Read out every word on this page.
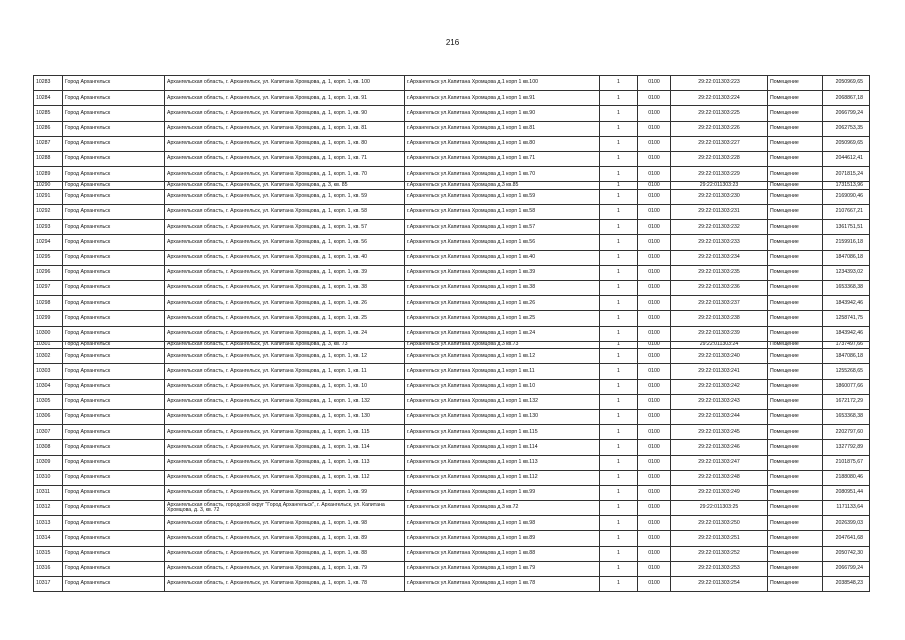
216
10283	Город Архангельск	Архангельская область, г. Архангельск, ул. Капитана Хромцова, д. 1, корп. 1, кв. 100	г.Архангельск ул.Капитана Хромцова д.1 корп 1 кв.100	1	0100	29:22:011303:223	Помещение	2050969,65
10284	Город Архангельск	Архангельская область, г. Архангельск, ул. Капитана Хромцова, д. 1, корп. 1, кв. 91	г.Архангельск ул.Капитана Хромцова д.1 корп 1 кв.91	1	0100	29:22:011303:224	Помещение	2068867,18
10285	Город Архангельск	Архангельская область, г. Архангельск, ул. Капитана Хромцова, д. 1, корп. 1, кв. 90	г.Архангельск ул.Капитана Хромцова д.1 корп 1 кв.90	1	0100	29:22:011303:225	Помещение	2066799,24
10286	Город Архангельск	Архангельская область, г. Архангельск, ул. Капитана Хромцова, д. 1, корп. 1, кв. 81	г.Архангельск ул.Капитана Хромцова д.1 корп 1 кв.81	1	0100	29:22:011303:226	Помещение	2062753,35
10287	Город Архангельск	Архангельская область, г. Архангельск, ул. Капитана Хромцова, д. 1, корп. 1, кв. 80	г.Архангельск ул.Капитана Хромцова д.1 корп 1 кв.80	1	0100	29:22:011303:227	Помещение	2050969,65
10288	Город Архангельск	Архангельская область, г. Архангельск, ул. Капитана Хромцова, д. 1, корп. 1, кв. 71	г.Архангельск ул.Капитана Хромцова д.1 корп 1 кв.71	1	0100	29:22:011303:228	Помещение	2044612,41
10289	Город Архангельск	Архангельская область, г. Архангельск, ул. Капитана Хромцова, д. 1, корп. 1, кв. 70	г.Архангельск ул.Капитана Хромцова д.1 корп 1 кв.70	1	0100	29:22:011303:229	Помещение	2071815,24
10290	Город Архангельск	Архангельская область, г. Архангельск, ул. Капитана Хромцова, д. 3, кв. 85	г.Архангельск ул.Капитана Хромцова д.3 кв.85	1	0100	29:22:011303:23	Помещение	1731513,96
10291	Город Архангельск	Архангельская область, г. Архангельск, ул. Капитана Хромцова, д. 1, корп. 1, кв. 59	г.Архангельск ул.Капитана Хромцова д.1 корп 1 кв.59	1	0100	29:22:011303:230	Помещение	2169090,46
10292	Город Архангельск	Архангельская область, г. Архангельск, ул. Капитана Хромцова, д. 1, корп. 1, кв. 58	г.Архангельск ул.Капитана Хромцова д.1 корп 1 кв.58	1	0100	29:22:011303:231	Помещение	2107667,21
10293	Город Архангельск	Архангельская область, г. Архангельск, ул. Капитана Хромцова, д. 1, корп. 1, кв. 57	г.Архангельск ул.Капитана Хромцова д.1 корп 1 кв.57	1	0100	29:22:011303:232	Помещение	1361751,51
10294	Город Архангельск	Архангельская область, г. Архангельск, ул. Капитана Хромцова, д. 1, корп. 1, кв. 56	г.Архангельск ул.Капитана Хромцова д.1 корп 1 кв.56	1	0100	29:22:011303:233	Помещение	2159916,18
10295	Город Архангельск	Архангельская область, г. Архангельск, ул. Капитана Хромцова, д. 1, корп. 1, кв. 40	г.Архангельск ул.Капитана Хромцова д.1 корп 1 кв.40	1	0100	29:22:011303:234	Помещение	1847086,18
10296	Город Архангельск	Архангельская область, г. Архангельск, ул. Капитана Хромцова, д. 1, корп. 1, кв. 39	г.Архангельск ул.Капитана Хромцова д.1 корп 1 кв.39	1	0100	29:22:011303:235	Помещение	1234393,02
10297	Город Архангельск	Архангельская область, г. Архангельск, ул. Капитана Хромцова, д. 1, корп. 1, кв. 38	г.Архангельск ул.Капитана Хромцова д.1 корп 1 кв.38	1	0100	29:22:011303:236	Помещение	1653368,38
10298	Город Архангельск	Архангельская область, г. Архангельск, ул. Капитана Хромцова, д. 1, корп. 1, кв. 26	г.Архангельск ул.Капитана Хромцова д.1 корп 1 кв.26	1	0100	29:22:011303:237	Помещение	1843942,46
10299	Город Архангельск	Архангельская область, г. Архангельск, ул. Капитана Хромцова, д. 1, корп. 1, кв. 25	г.Архангельск ул.Капитана Хромцова д.1 корп 1 кв.25	1	0100	29:22:011303:238	Помещение	1258741,75
10300	Город Архангельск	Архангельская область, г. Архангельск, ул. Капитана Хромцова, д. 1, корп. 1, кв. 24	г.Архангельск ул.Капитана Хромцова д.1 корп 1 кв.24	1	0100	29:22:011303:239	Помещение	1843942,46
10301	Город Архангельск	Архангельская область, г. Архангельск, ул. Капитана Хромцова, д. 3, кв. 73	г.Архангельск ул.Капитана Хромцова д.3 кв.73	1	0100	29:22:011303:24	Помещение	1737497,66
10302	Город Архангельск	Архангельская область, г. Архангельск, ул. Капитана Хромцова, д. 1, корп. 1, кв. 12	г.Архангельск ул.Капитана Хромцова д.1 корп 1 кв.12	1	0100	29:22:011303:240	Помещение	1847086,18
10303	Город Архангельск	Архангельская область, г. Архангельск, ул. Капитана Хромцова, д. 1, корп. 1, кв. 11	г.Архангельск ул.Капитана Хромцова д.1 корп 1 кв.11	1	0100	29:22:011303:241	Помещение	1255268,65
10304	Город Архангельск	Архангельская область, г. Архангельск, ул. Капитана Хромцова, д. 1, корп. 1, кв. 10	г.Архангельск ул.Капитана Хромцова д.1 корп 1 кв.10	1	0100	29:22:011303:242	Помещение	1860077,66
10305	Город Архангельск	Архангельская область, г. Архангельск, ул. Капитана Хромцова, д. 1, корп. 1, кв. 132	г.Архангельск ул.Капитана Хромцова д.1 корп 1 кв.132	1	0100	29:22:011303:243	Помещение	1672172,29
10306	Город Архангельск	Архангельская область, г. Архангельск, ул. Капитана Хромцова, д. 1, корп. 1, кв. 130	г.Архангельск ул.Капитана Хромцова д.1 корп 1 кв.130	1	0100	29:22:011303:244	Помещение	1653368,38
10307	Город Архангельск	Архангельская область, г. Архангельск, ул. Капитана Хромцова, д. 1, корп. 1, кв. 115	г.Архангельск ул.Капитана Хромцова д.1 корп 1 кв.115	1	0100	29:22:011303:245	Помещение	2202797,60
10308	Город Архангельск	Архангельская область, г. Архангельск, ул. Капитана Хромцова, д. 1, корп. 1, кв. 114	г.Архангельск ул.Капитана Хромцова д.1 корп 1 кв.114	1	0100	29:22:011303:246	Помещение	1327792,89
10309	Город Архангельск	Архангельская область, г. Архангельск, ул. Капитана Хромцова, д. 1, корп. 1, кв. 113	г.Архангельск ул.Капитана Хромцова д.1 корп 1 кв.113	1	0100	29:22:011303:247	Помещение	2101875,67
10310	Город Архангельск	Архангельская область, г. Архангельск, ул. Капитана Хромцова, д. 1, корп. 1, кв. 112	г.Архангельск ул.Капитана Хромцова д.1 корп 1 кв.112	1	0100	29:22:011303:248	Помещение	2188080,46
10311	Город Архангельск	Архангельская область, г. Архангельск, ул. Капитана Хромцова, д. 1, корп. 1, кв. 99	г.Архангельск ул.Капитана Хромцова д.1 корп 1 кв.99	1	0100	29:22:011303:249	Помещение	2080951,44
10312	Город Архангельск	Архангельская область, городской округ "Город Архангельск", г. Архангельск, ул. Капитана Хромцова, д. 3, кв. 72	г.Архангельск ул.Капитана Хромцова д.3 кв.72	1	0100	29:22:011303:25	Помещение	1171133,64
10313	Город Архангельск	Архангельская область, г. Архангельск, ул. Капитана Хромцова, д. 1, корп. 1, кв. 98	г.Архангельск ул.Капитана Хромцова д.1 корп 1 кв.98	1	0100	29:22:011303:250	Помещение	2026399,03
10314	Город Архангельск	Архангельская область, г. Архангельск, ул. Капитана Хромцова, д. 1, корп. 1, кв. 89	г.Архангельск ул.Капитана Хромцова д.1 корп 1 кв.89	1	0100	29:22:011303:251	Помещение	2047641,68
10315	Город Архангельск	Архангельская область, г. Архангельск, ул. Капитана Хромцова, д. 1, корп. 1, кв. 88	г.Архангельск ул.Капитана Хромцова д.1 корп 1 кв.88	1	0100	29:22:011303:252	Помещение	2050742,30
10316	Город Архангельск	Архангельская область, г. Архангельск, ул. Капитана Хромцова, д. 1, корп. 1, кв. 79	г.Архангельск ул.Капитана Хромцова д.1 корп 1 кв.79	1	0100	29:22:011303:253	Помещение	2066799,24
10317	Город Архангельск	Архангельская область, г. Архангельск, ул. Капитана Хромцова, д. 1, корп. 1, кв. 78	г.Архангельск ул.Капитана Хромцова д.1 корп 1 кв.78	1	0100	29:22:011303:254	Помещение	2038548,23
